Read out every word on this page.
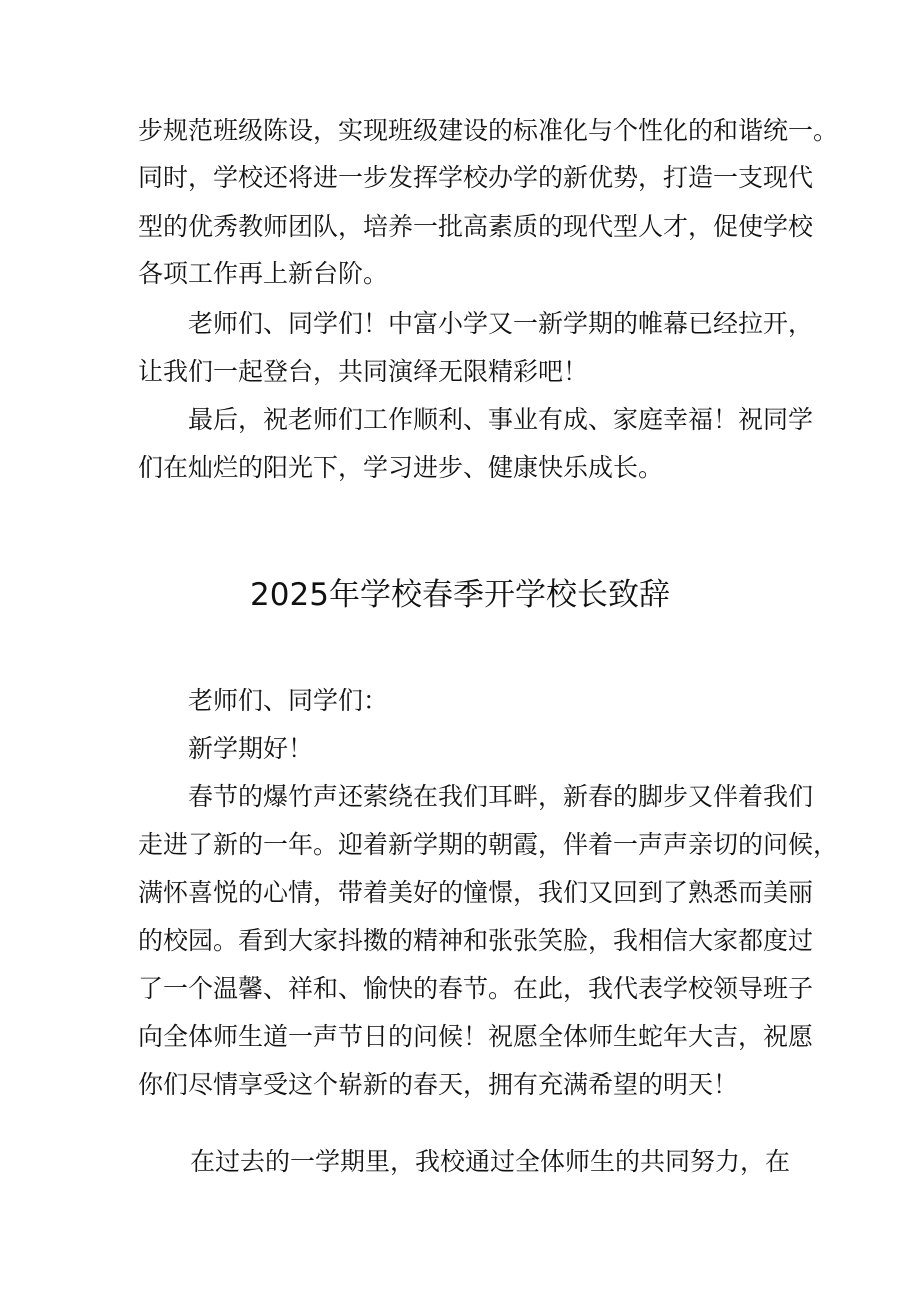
步规范班级陈设，实现班级建设的标准化与个性化的和谐统一。
同时，学校还将进一步发挥学校办学的新优势，打造一支现代
型的优秀教师团队，培养一批高素质的现代型人才，促使学校
各项工作再上新台阶。
老师们、同学们！中富小学又一新学期的帷幕已经拉开，
让我们一起登台，共同演绎无限精彩吧！
最后，祝老师们工作顺利、事业有成、家庭幸福！祝同学
们在灿烂的阳光下，学习进步、健康快乐成长。
2025年学校春季开学校长致辞
老师们、同学们：
新学期好！
春节的爆竹声还萦绕在我们耳畔，新春的脚步又伴着我们
走进了新的一年。迎着新学期的朝霞，伴着一声声亲切的问候，
满怀喜悦的心情，带着美好的憧憬，我们又回到了熟悉而美丽
的校园。看到大家抖擞的精神和张张笑脸，我相信大家都度过
了一个温馨、祥和、愉快的春节。在此，我代表学校领导班子
向全体师生道一声节日的问候！祝愿全体师生蛇年大吉，祝愿
你们尽情享受这个崭新的春天，拥有充满希望的明天！
在过去的一学期里，我校通过全体师生的共同努力，在
